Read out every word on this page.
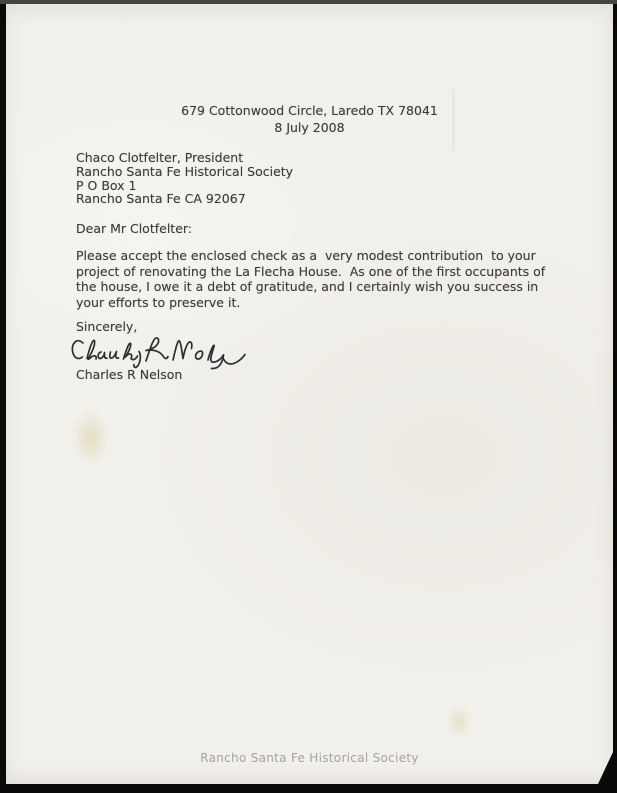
679 Cottonwood Circle, Laredo TX 78041
8 July 2008
Chaco Clotfelter, President
Rancho Santa Fe Historical Society
P O Box 1
Rancho Santa Fe CA 92067
Dear Mr Clotfelter:
Please accept the enclosed check as a  very modest contribution  to your
project of renovating the La Flecha House.  As one of the first occupants of
the house, I owe it a debt of gratitude, and I certainly wish you success in
your efforts to preserve it.
Sincerely,
Charles R Nelson
Rancho Santa Fe Historical Society
